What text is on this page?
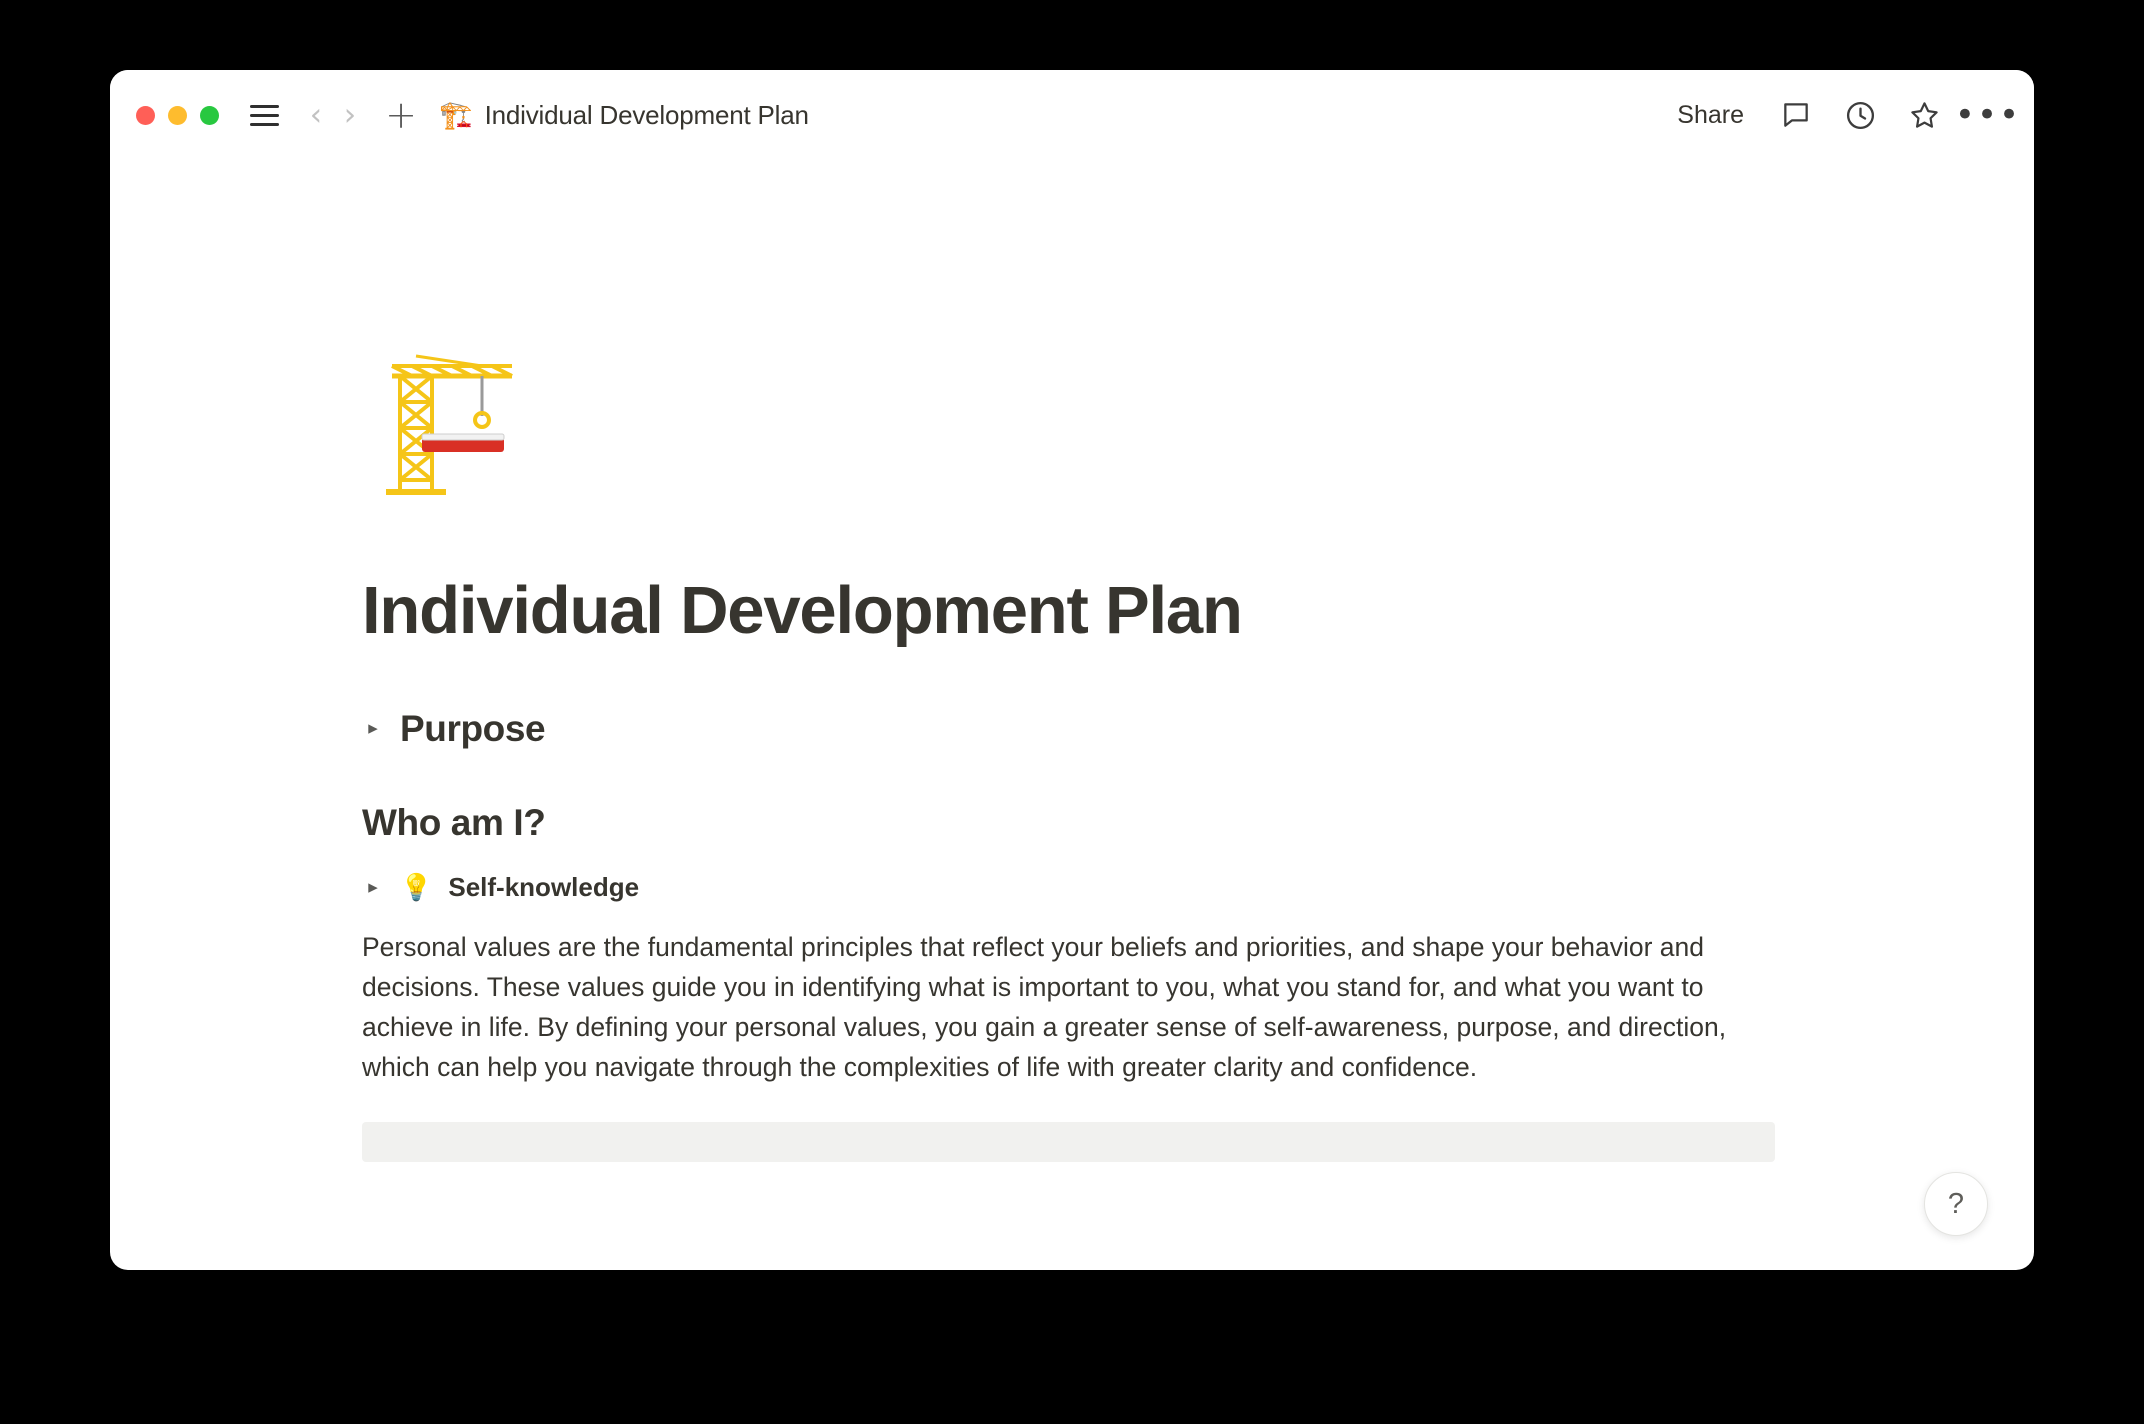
‹ › + 🏗️ Individual Development Plan	Share	•••
Individual Development Plan
▸ Purpose
Who am I?
▸ 💡 Self-knowledge
Personal values are the fundamental principles that reflect your beliefs and priorities, and shape your behavior and decisions. These values guide you in identifying what is important to you, what you stand for, and what you want to achieve in life. By defining your personal values, you gain a greater sense of self-awareness, purpose, and direction, which can help you navigate through the complexities of life with greater clarity and confidence.
?
